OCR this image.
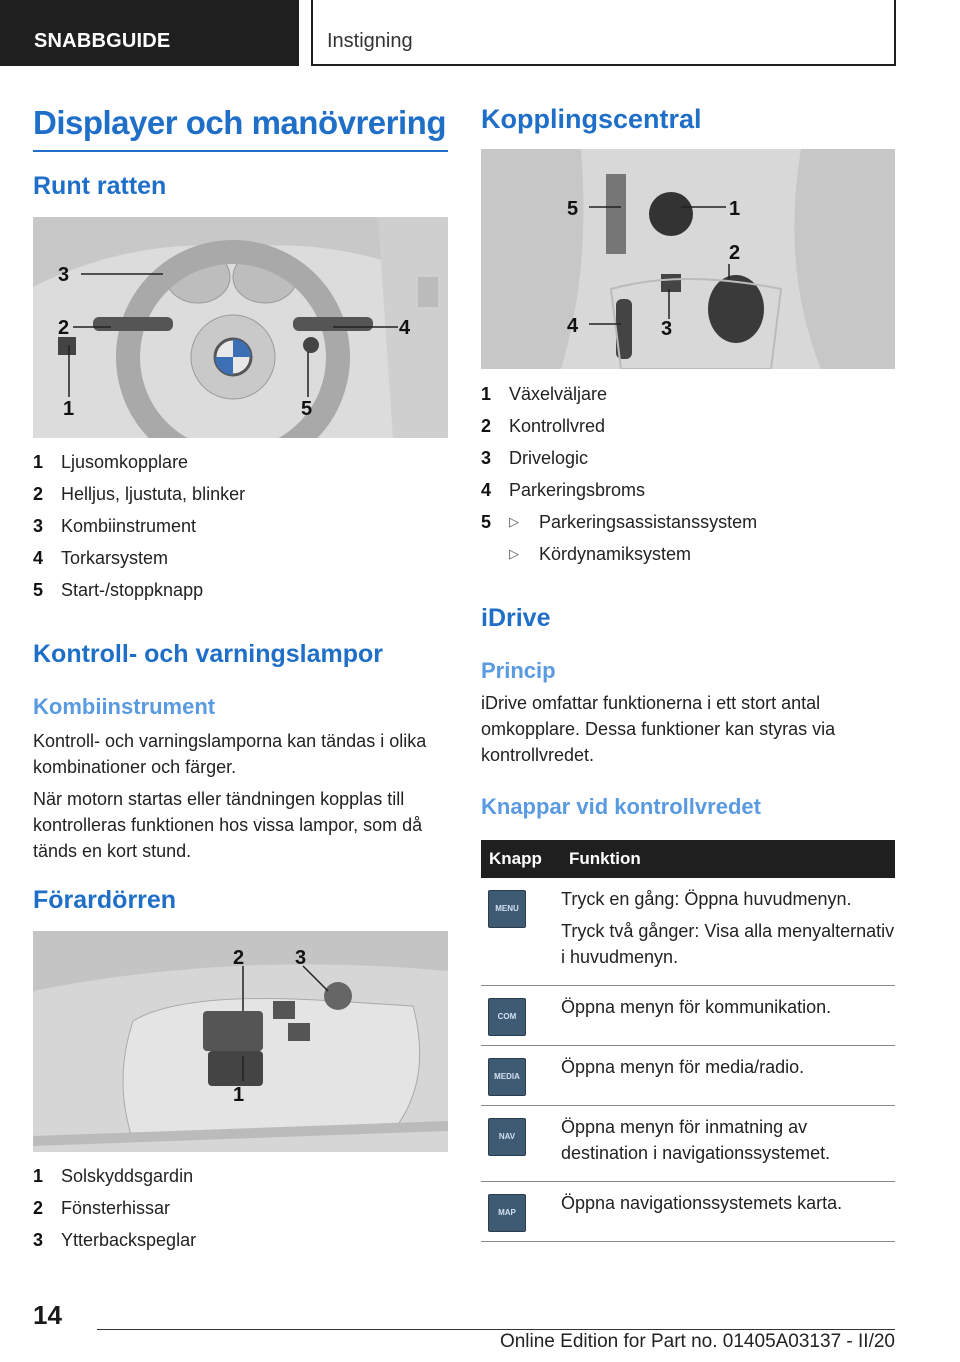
SNABBGUIDE	Instigning
Displayer och manövrering
Runt ratten
3
2	4
1	5
1 Ljusomkopplare
2 Helljus, ljustuta, blinker
3 Kombiinstrument
4 Torkarsystem
5 Start-/stoppknapp
Kontroll- och varningslampor
Kombiinstrument
Kontroll- och varningslamporna kan tändas i olika kombinationer och färger.
När motorn startas eller tändningen kopplas till kontrolleras funktionen hos vissa lampor, som då tänds en kort stund.
Förardörren
2	3
1
1 Solskyddsgardin
2 Fönsterhissar
3 Ytterbackspeglar
Kopplingscentral
5	1
2
4	3
1 Växelväljare
2 Kontrollvred
3 Drivelogic
4 Parkeringsbroms
5	▷	Parkeringsassistanssystem
▷	Kördynamiksystem
iDrive
Princip
iDrive omfattar funktionerna i ett stort antal omkopplare. Dessa funktioner kan styras via kontrollvredet.
Knappar vid kontrollvredet
Knapp	Funktion

MENU	Tryck en gång: Öppna huvudmenyn.

Tryck två gånger: Visa alla menyalternativ i huvudmenyn.

COM	Öppna menyn för kommunikation.

MEDIA	Öppna menyn för media/radio.

NAV	Öppna menyn för inmatning av destination i navigationssystemet.

MAP	Öppna navigationssystemets karta.

14
Online Edition for Part no. 01405A03137 - II/20
